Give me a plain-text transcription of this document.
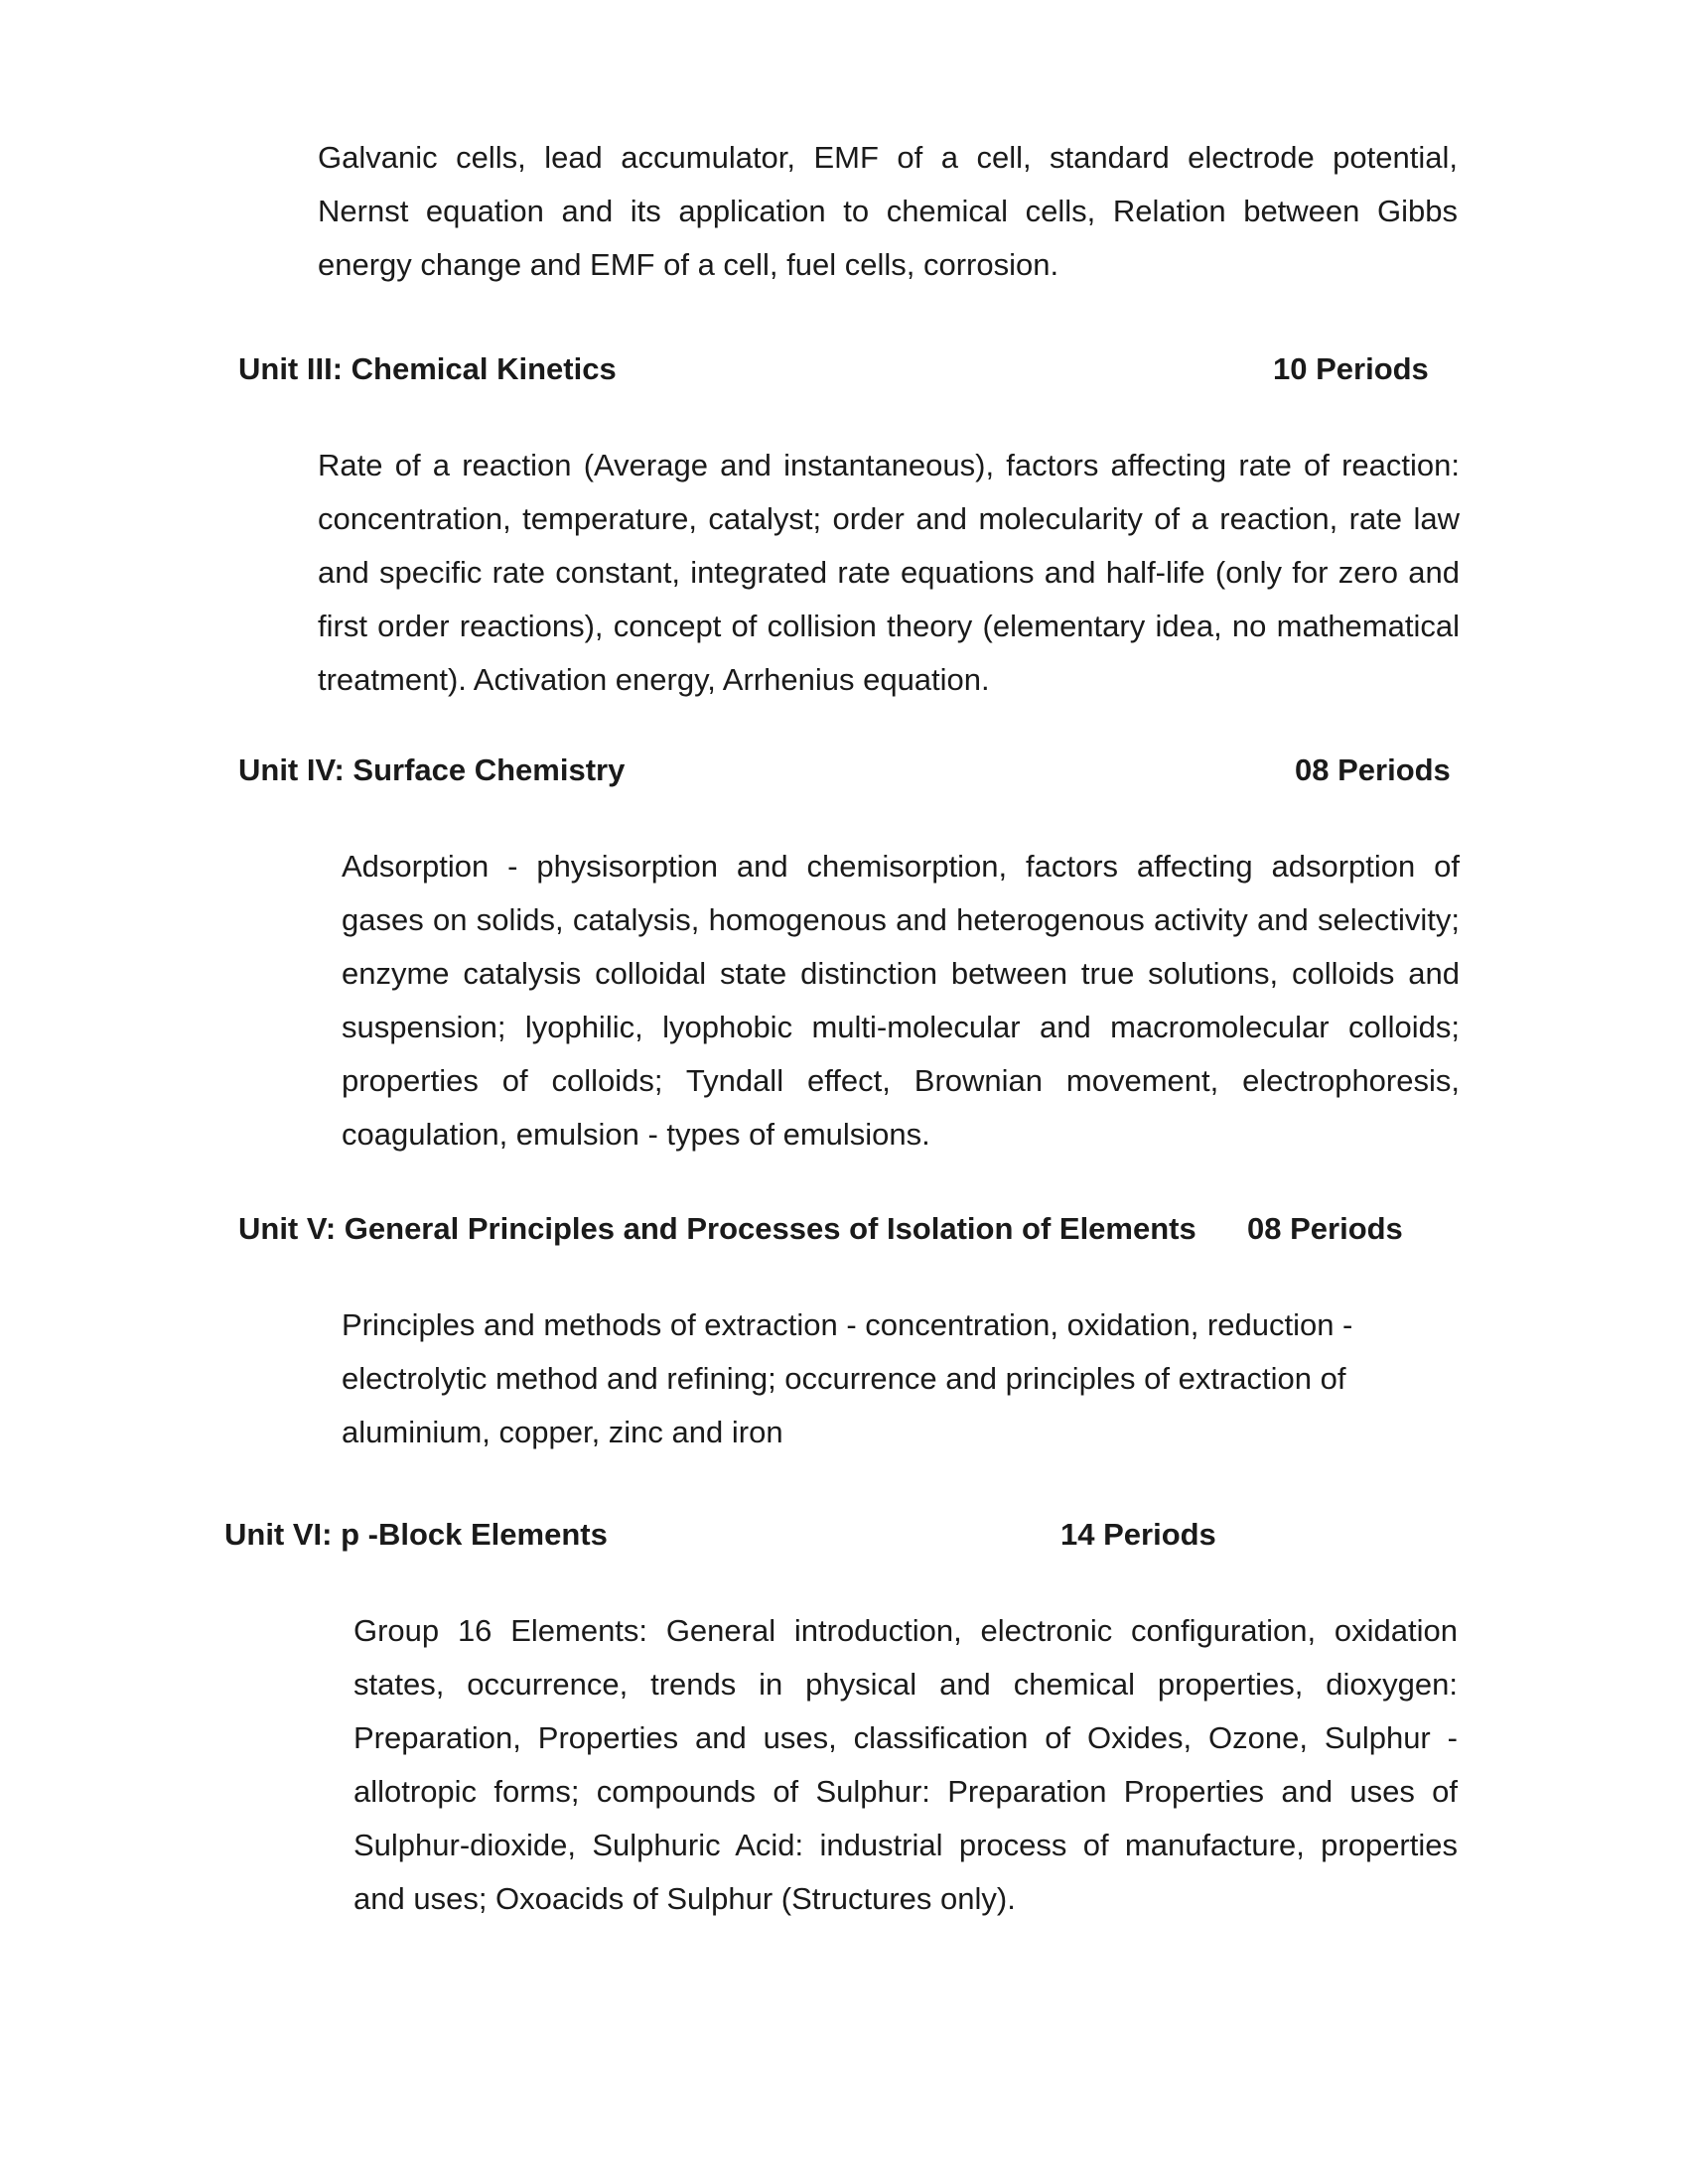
Galvanic cells, lead accumulator, EMF of a cell, standard electrode potential, Nernst equation and its application to chemical cells, Relation between Gibbs energy change and EMF of a cell, fuel cells, corrosion.

Unit III: Chemical Kinetics	10 Periods

Rate of a reaction (Average and instantaneous), factors affecting rate of reaction: concentration, temperature, catalyst; order and molecularity of a reaction, rate law and specific rate constant, integrated rate equations and half-life (only for zero and first order reactions), concept of collision theory (elementary idea, no mathematical treatment). Activation energy, Arrhenius equation.

Unit IV: Surface Chemistry	08 Periods

Adsorption - physisorption and chemisorption, factors affecting adsorption of gases on solids, catalysis, homogenous and heterogenous activity and selectivity; enzyme catalysis colloidal state distinction between true solutions, colloids and suspension; lyophilic, lyophobic multi-molecular and macromolecular colloids; properties of colloids; Tyndall effect, Brownian movement, electrophoresis, coagulation, emulsion - types of emulsions.

Unit V: General Principles and Processes of Isolation of Elements 08 Periods

Principles and methods of extraction - concentration, oxidation, reduction - electrolytic method and refining; occurrence and principles of extraction of aluminium, copper, zinc and iron

Unit VI: p -Block Elements	14 Periods

Group 16 Elements: General introduction, electronic configuration, oxidation states, occurrence, trends in physical and chemical properties, dioxygen: Preparation, Properties and uses, classification of Oxides, Ozone, Sulphur - allotropic forms; compounds of Sulphur: Preparation Properties and uses of Sulphur-dioxide, Sulphuric Acid: industrial process of manufacture, properties and uses; Oxoacids of Sulphur (Structures only).
